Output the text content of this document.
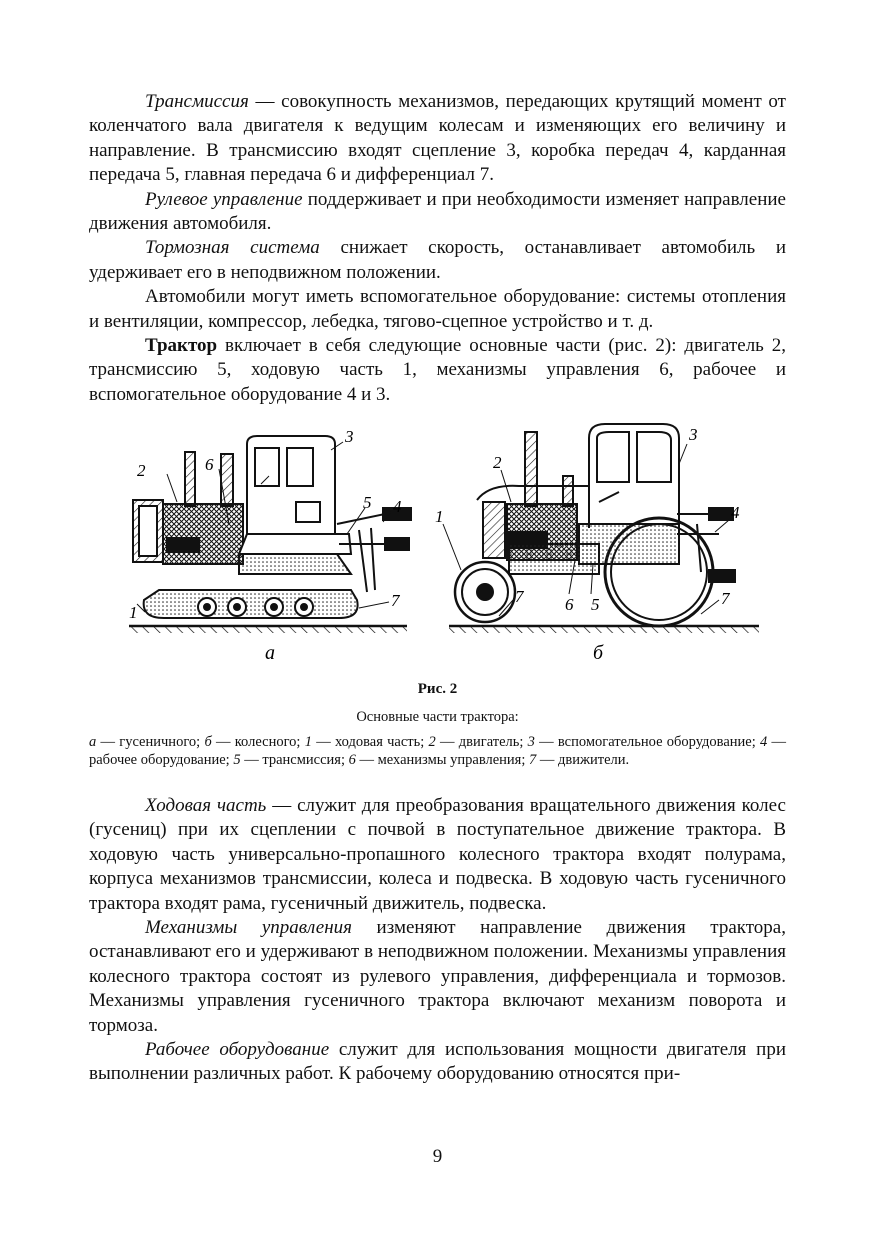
Трансмиссия — совокупность механизмов, передающих крутящий момент от коленчатого вала двигателя к ведущим колесам и изменяющих его величину и направление. В трансмиссию входят сцепление 3, коробка передач 4, карданная передача 5, главная передача 6 и дифференциал 7.

Рулевое управление поддерживает и при необходимости изменяет направление движения автомобиля.

Тормозная система снижает скорость, останавливает автомобиль и удерживает его в неподвижном положении.

Автомобили могут иметь вспомогательное оборудование: системы отопления и вентиляции, компрессор, лебедка, тягово-сцепное устройство и т. д.

Трактор включает в себя следующие основные части (рис. 2): двигатель 2, трансмиссию 5, ходовую часть 1, механизмы управления 6, рабочее и вспомогательное оборудование 4 и 3.

2	6
3
5 4
1
7
а
1
2
3
4
5
6
7	7
б
Рис. 2
Основные части трактора:
а — гусеничного; б — колесного; 1 — ходовая часть; 2 — двигатель; 3 — вспомогательное оборудование; 4 — рабочее оборудование; 5 — трансмиссия; 6 — механизмы управления; 7 — движители.

Ходовая часть — служит для преобразования вращательного движения колес (гусениц) при их сцеплении с почвой в поступательное движение трактора. В ходовую часть универсально-пропашного колесного трактора входят полурама, корпуса механизмов трансмиссии, колеса и подвеска. В ходовую часть гусеничного трактора входят рама, гусеничный движитель, подвеска.

Механизмы управления изменяют направление движения трактора, останавливают его и удерживают в неподвижном положении. Механизмы управления колесного трактора состоят из рулевого управления, дифференциала и тормозов. Механизмы управления гусеничного трактора включают механизм поворота и тормоза.

Рабочее оборудование служит для использования мощности двигателя при выполнении различных работ. К рабочему оборудованию относятся при-

9
